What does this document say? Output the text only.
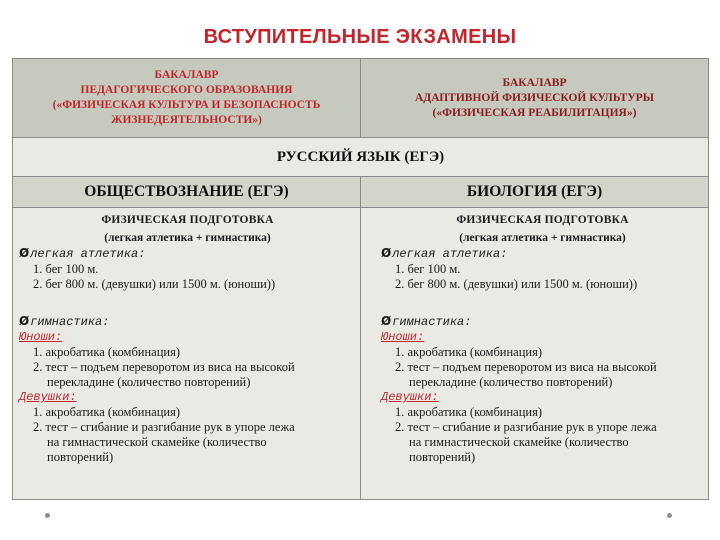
ВСТУПИТЕЛЬНЫЕ ЭКЗАМЕНЫ
БАКАЛАВР
ПЕДАГОГИЧЕСКОГО ОБРАЗОВАНИЯ
(«ФИЗИЧЕСКАЯ КУЛЬТУРА И БЕЗОПАСНОСТЬ
ЖИЗНЕДЕЯТЕЛЬНОСТИ»)
БАКАЛАВР
АДАПТИВНОЙ ФИЗИЧЕСКОЙ КУЛЬТУРЫ
(«ФИЗИЧЕСКАЯ РЕАБИЛИТАЦИЯ»)
РУССКИЙ ЯЗЫК (ЕГЭ)
ОБЩЕСТВОЗНАНИЕ (ЕГЭ)	БИОЛОГИЯ (ЕГЭ)
ФИЗИЧЕСКАЯ ПОДГОТОВКА
(легкая атлетика + гимнастика)
Øлегкая атлетика:
1. бег 100 м.
2. бег 800 м. (девушки) или 1500 м. (юноши))
Øгимнастика:
Юноши:
1. акробатика (комбинация)
2. тест – подъем переворотом из виса на высокой
перекладине (количество повторений)
Девушки:
1. акробатика (комбинация)
2. тест – сгибание и разгибание рук в упоре лежа
на гимнастической скамейке (количество
повторений)
ФИЗИЧЕСКАЯ ПОДГОТОВКА
(легкая атлетика + гимнастика)
Øлегкая атлетика:
1. бег 100 м.
2. бег 800 м. (девушки) или 1500 м. (юноши))
Øгимнастика:
Юноши:
1. акробатика (комбинация)
2. тест – подъем переворотом из виса на высокой
перекладине (количество повторений)
Девушки:
1. акробатика (комбинация)
2. тест – сгибание и разгибание рук в упоре лежа
на гимнастической скамейке (количество
повторений)
